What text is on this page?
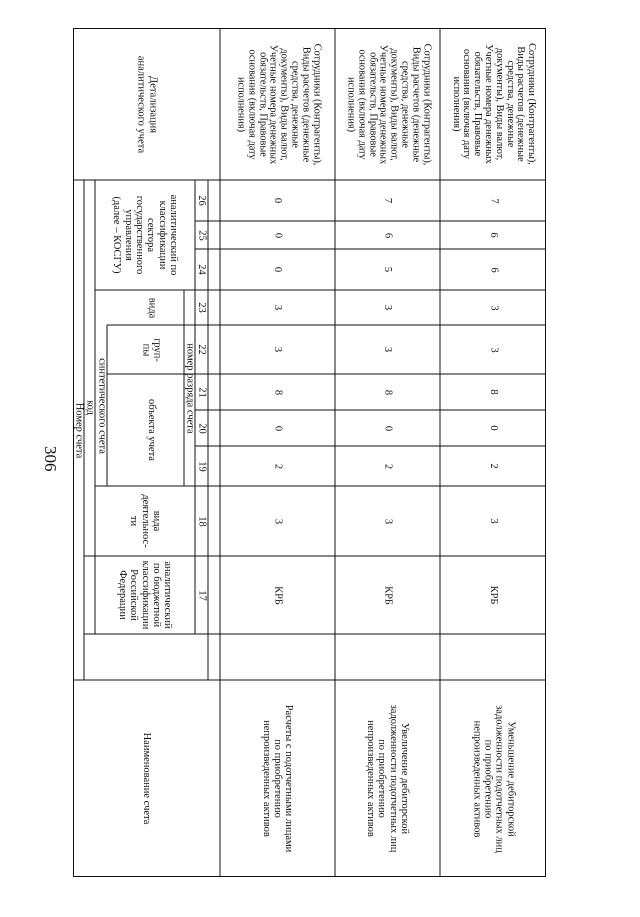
306
Наименование счета
Детализация
аналитического учета
Номер счета код
аналитический
по бюджетной
классификации
Российской
Федерации
вида
деятельнос-
ти
синтетического счета	объекта учета
груп-
пы
вида
аналитический по
классификации
сектора
государственного
управления
(далее – КОСГУ)
номер разряда счета
17
18
19
20
21
22
23
24
25
26
Расчеты с подотчетными лицами
по приобретению
непроизведенных активов
КРБ
3
2
0
8
3
3
0
0
0
Сотрудники (Контрагенты),
Виды расчетов (денежные
средства, денежные
документы), Виды валют,
Учетные номера денежных
обязательств, Правовые
основания (включая дату
исполнения)
Увеличение дебиторской
задолженности подотчетных лиц
по приобретению
непроизведенных активов
КРБ
3
2
0
8
3
3
5
6
7
Сотрудники (Контрагенты),
Виды расчетов (денежные
средства, денежные
документы), Виды валют,
Учетные номера денежных
обязательств, Правовые
основания (включая дату
исполнения)
Уменьшение дебиторской
задолженности подотчетных лиц
по приобретению
непроизведенных активов
КРБ
3
2
0
8
3
3
6
6
7
Сотрудники (Контрагенты),
Виды расчетов (денежные
средства, денежные
документы), Виды валют,
Учетные номера денежных
обязательств, Правовые
основания (включая дату
исполнения)
